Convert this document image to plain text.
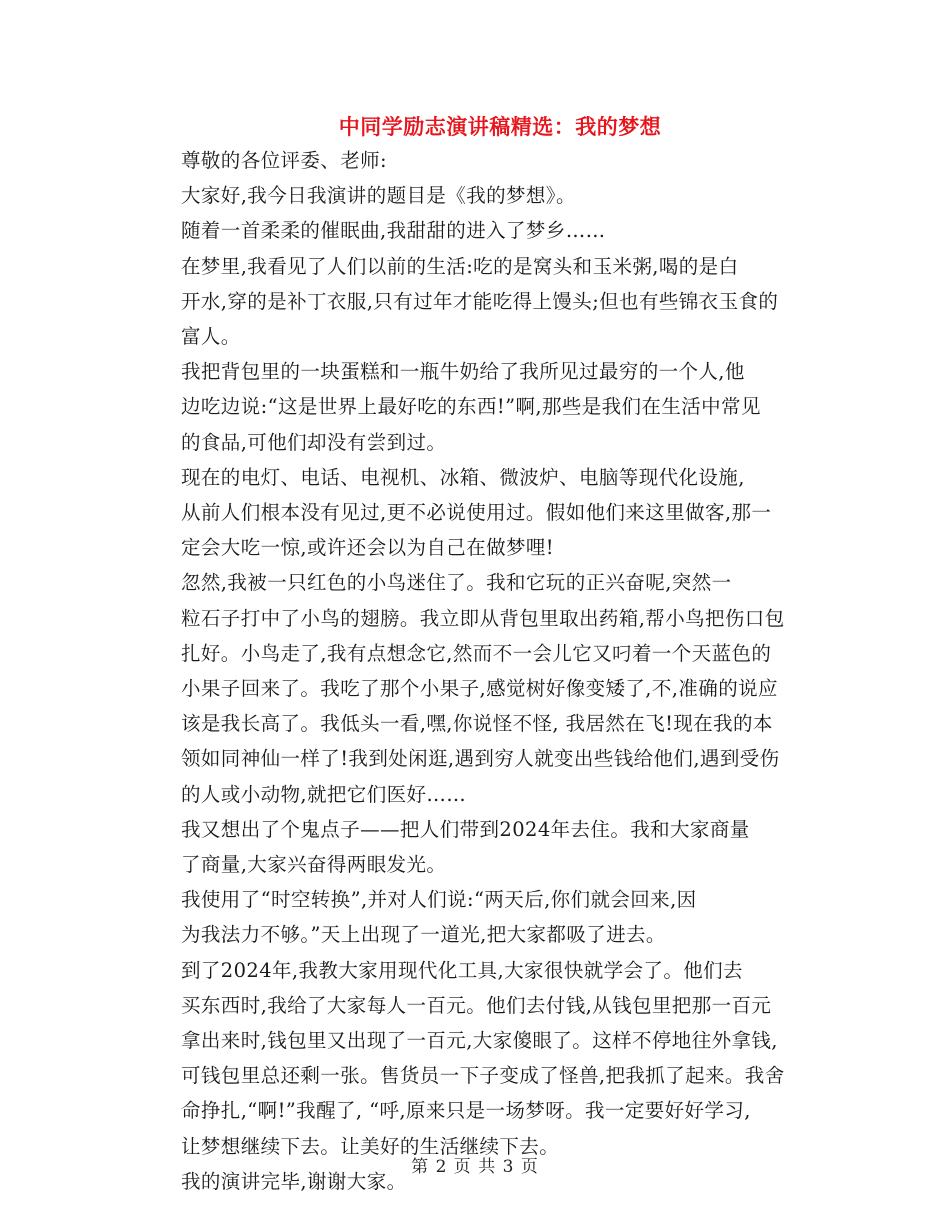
中同学励志演讲稿精选：我的梦想

尊敬的各位评委、老师:

大家好,我今日我演讲的题目是《我的梦想》。

随着一首柔柔的催眠曲,我甜甜的进入了梦乡……

在梦里,我看见了人们以前的生活:吃的是窝头和玉米粥,喝的是白
开水,穿的是补丁衣服,只有过年才能吃得上馒头;但也有些锦衣玉食的
富人。

我把背包里的一块蛋糕和一瓶牛奶给了我所见过最穷的一个人,他
边吃边说:“这是世界上最好吃的东西!”啊,那些是我们在生活中常见
的食品,可他们却没有尝到过。

现在的电灯、电话、电视机、冰箱、微波炉、电脑等现代化设施,
从前人们根本没有见过,更不必说使用过。假如他们来这里做客,那一
定会大吃一惊,或许还会以为自己在做梦哩!

忽然,我被一只红色的小鸟迷住了。我和它玩的正兴奋呢,突然一
粒石子打中了小鸟的翅膀。我立即从背包里取出药箱,帮小鸟把伤口包
扎好。小鸟走了,我有点想念它,然而不一会儿它又叼着一个天蓝色的
小果子回来了。我吃了那个小果子,感觉树好像变矮了,不,准确的说应
该是我长高了。我低头一看,嘿,你说怪不怪, 我居然在飞!现在我的本
领如同神仙一样了!我到处闲逛,遇到穷人就变出些钱给他们,遇到受伤
的人或小动物,就把它们医好……

我又想出了个鬼点子——把人们带到2024年去住。我和大家商量
了商量,大家兴奋得两眼发光。

我使用了“时空转换”,并对人们说:“两天后,你们就会回来,因
为我法力不够。”天上出现了一道光,把大家都吸了进去。

到了2024年,我教大家用现代化工具,大家很快就学会了。他们去
买东西时,我给了大家每人一百元。他们去付钱,从钱包里把那一百元
拿出来时,钱包里又出现了一百元,大家傻眼了。这样不停地往外拿钱,
可钱包里总还剩一张。售货员一下子变成了怪兽,把我抓了起来。我舍
命挣扎,“啊!”我醒了, “呼,原来只是一场梦呀。我一定要好好学习,
让梦想继续下去。让美好的生活继续下去。

我的演讲完毕,谢谢大家。

第 2 页 共 3 页
